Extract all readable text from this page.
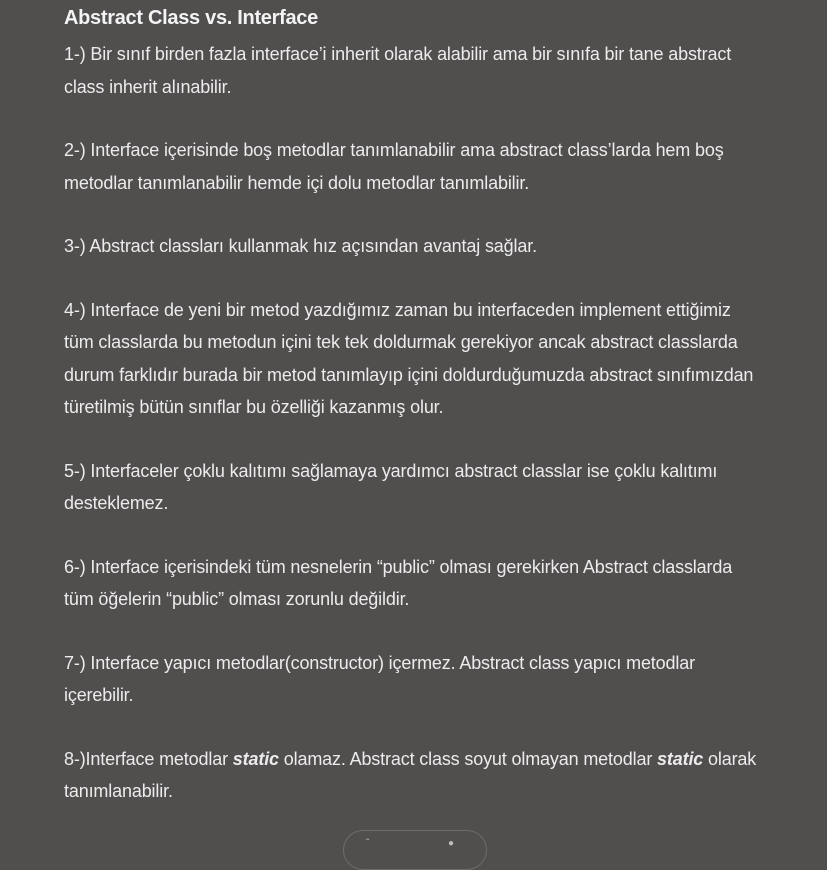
Abstract Class vs. Interface

1-) Bir sınıf birden fazla interface’i inherit olarak alabilir ama bir sınıfa bir tane abstract class inherit alınabilir.

2-) Interface içerisinde boş metodlar tanımlanabilir ama abstract class’larda hem boş metodlar tanımlanabilir hemde içi dolu metodlar tanımlabilir.

3-) Abstract classları kullanmak hız açısından avantaj sağlar.

4-) Interface de yeni bir metod yazdığımız zaman bu interfaceden implement ettiğimiz tüm classlarda bu metodun içini tek tek doldurmak gerekiyor ancak abstract classlarda durum farklıdır burada bir metod tanımlayıp içini doldurduğumuzda abstract sınıfımızdan türetilmiş bütün sınıflar bu özelliği kazanmış olur.

5-) Interfaceler çoklu kalıtımı sağlamaya yardımcı abstract classlar ise çoklu kalıtımı desteklemez.

6-) Interface içerisindeki tüm nesnelerin “public” olması gerekirken Abstract classlarda tüm öğelerin “public” olması zorunlu değildir.

7-) Interface yapıcı metodlar(constructor) içermez. Abstract class yapıcı metodlar içerebilir.

8-)Interface metodlar static olamaz. Abstract class soyut olmayan metodlar static olarak tanımlanabilir.

ˆ	●
